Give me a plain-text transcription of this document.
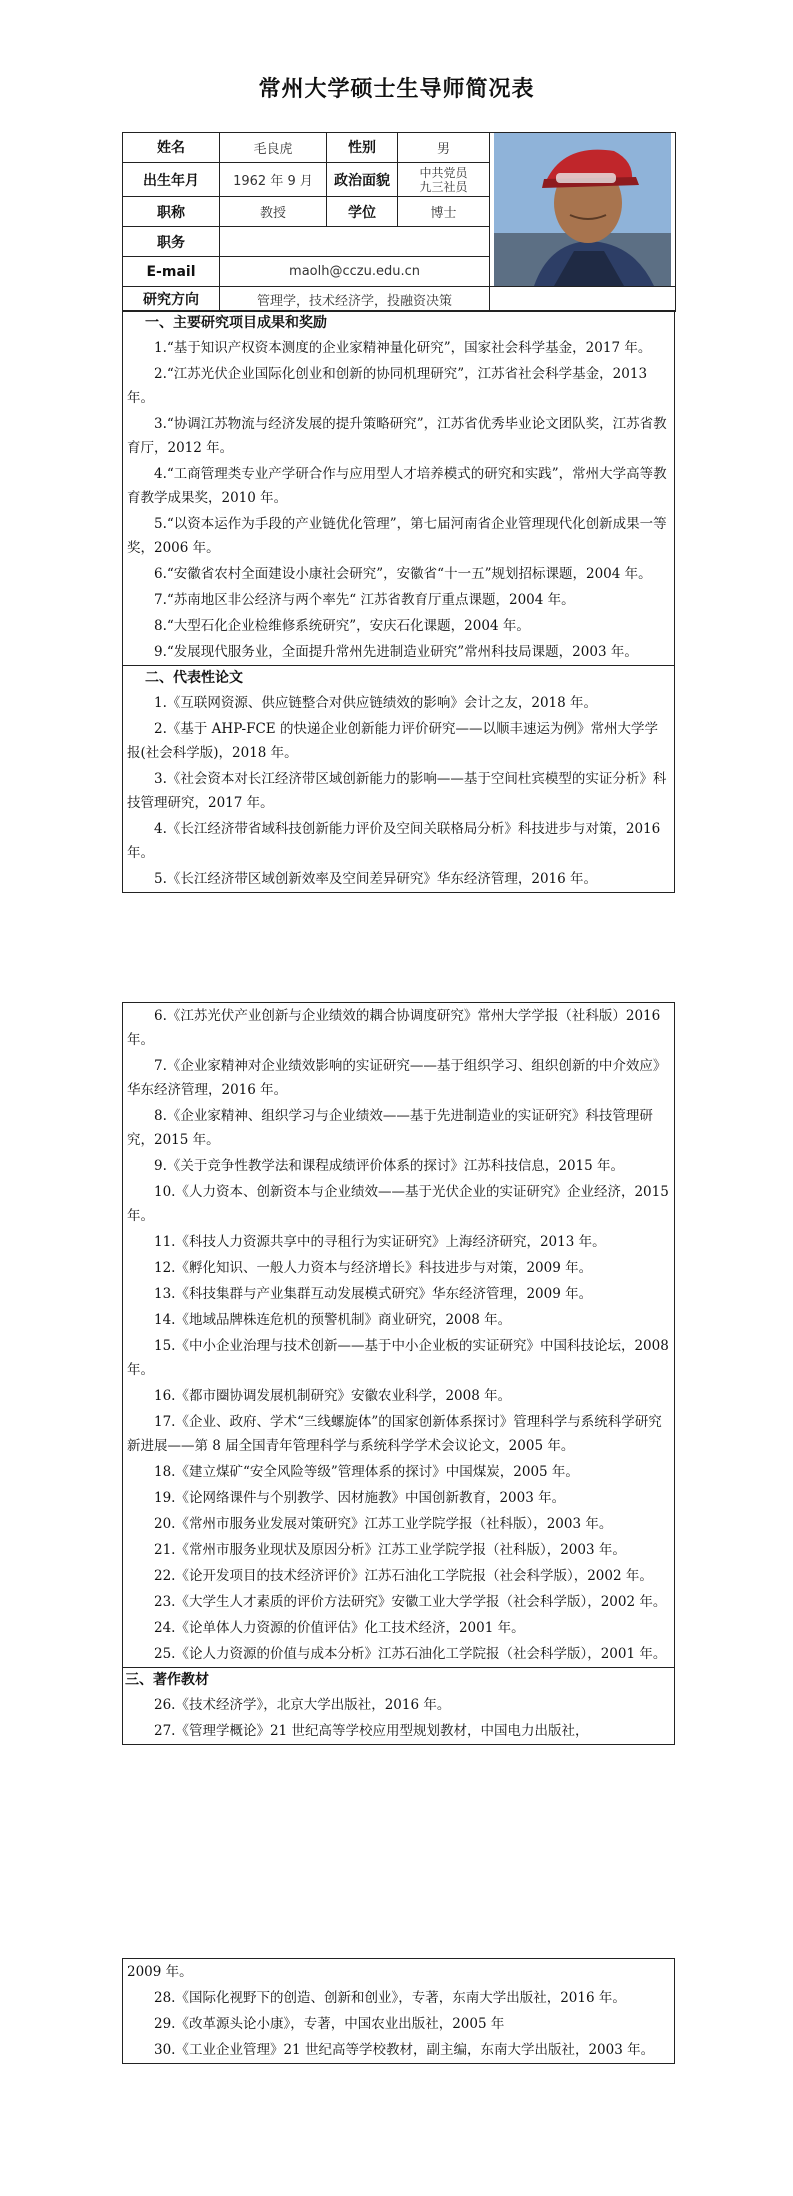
常州大学硕士生导师简况表
姓名	毛良虎	性别	男	

出生年月	1962 年 9 月	政治面貌	中共党员
九三社员	

职称	教授	学位	博士	
职务				
E-mail	maolh@cczu.edu.cn			
研究方向	管理学，技术经济学，投融资决策			
一、主要研究项目成果和奖励

1.“基于知识产权资本测度的企业家精神量化研究”，国家社会科学基金，2017 年。

2.“江苏光伏企业国际化创业和创新的协同机理研究”，江苏省社会科学基金，2013 年。

3.“协调江苏物流与经济发展的提升策略研究”，江苏省优秀毕业论文团队奖，江苏省教育厅，2012 年。

4.“工商管理类专业产学研合作与应用型人才培养模式的研究和实践”，常州大学高等教育教学成果奖，2010 年。

5.“以资本运作为手段的产业链优化管理”，第七届河南省企业管理现代化创新成果一等奖，2006 年。

6.“安徽省农村全面建设小康社会研究”，安徽省“十一五”规划招标课题，2004 年。

7.“苏南地区非公经济与两个率先“ 江苏省教育厅重点课题，2004 年。

8.“大型石化企业检维修系统研究”，安庆石化课题，2004 年。

9.“发展现代服务业，全面提升常州先进制造业研究”常州科技局课题，2003 年。

二、代表性论文

1.《互联网资源、供应链整合对供应链绩效的影响》会计之友，2018 年。

2.《基于 AHP-FCE 的快递企业创新能力评价研究——以顺丰速运为例》常州大学学报(社会科学版)，2018 年。

3.《社会资本对长江经济带区域创新能力的影响——基于空间杜宾模型的实证分析》科技管理研究，2017 年。

4.《长江经济带省域科技创新能力评价及空间关联格局分析》科技进步与对策，2016 年。

5.《长江经济带区域创新效率及空间差异研究》华东经济管理，2016 年。

6.《江苏光伏产业创新与企业绩效的耦合协调度研究》常州大学学报（社科版）2016 年。

7.《企业家精神对企业绩效影响的实证研究——基于组织学习、组织创新的中介效应》华东经济管理，2016 年。

8.《企业家精神、组织学习与企业绩效——基于先进制造业的实证研究》科技管理研究，2015 年。

9.《关于竞争性教学法和课程成绩评价体系的探讨》江苏科技信息，2015 年。

10.《人力资本、创新资本与企业绩效——基于光伏企业的实证研究》企业经济，2015 年。

11.《科技人力资源共享中的寻租行为实证研究》上海经济研究，2013 年。

12.《孵化知识、一般人力资本与经济增长》科技进步与对策，2009 年。

13.《科技集群与产业集群互动发展模式研究》华东经济管理，2009 年。

14.《地域品牌株连危机的预警机制》商业研究，2008 年。

15.《中小企业治理与技术创新——基于中小企业板的实证研究》中国科技论坛，2008 年。

16.《都市圈协调发展机制研究》安徽农业科学，2008 年。

17.《企业、政府、学术“三线螺旋体”的国家创新体系探讨》管理科学与系统科学研究新进展——第 8 届全国青年管理科学与系统科学学术会议论文，2005 年。

18.《建立煤矿“安全风险等级”管理体系的探讨》中国煤炭，2005 年。

19.《论网络课件与个别教学、因材施教》中国创新教育，2003 年。

20.《常州市服务业发展对策研究》江苏工业学院学报（社科版），2003 年。

21.《常州市服务业现状及原因分析》江苏工业学院学报（社科版），2003 年。

22.《论开发项目的技术经济评价》江苏石油化工学院报（社会科学版），2002 年。

23.《大学生人才素质的评价方法研究》安徽工业大学学报（社会科学版），2002 年。

24.《论单体人力资源的价值评估》化工技术经济，2001 年。

25.《论人力资源的价值与成本分析》江苏石油化工学院报（社会科学版），2001 年。

三、著作教材

26.《技术经济学》，北京大学出版社，2016 年。

27.《管理学概论》21 世纪高等学校应用型规划教材，中国电力出版社，

2009 年。

28.《国际化视野下的创造、创新和创业》，专著，东南大学出版社，2016 年。

29.《改革源头论小康》，专著，中国农业出版社，2005 年

30.《工业企业管理》21 世纪高等学校教材，副主编，东南大学出版社，2003 年。
